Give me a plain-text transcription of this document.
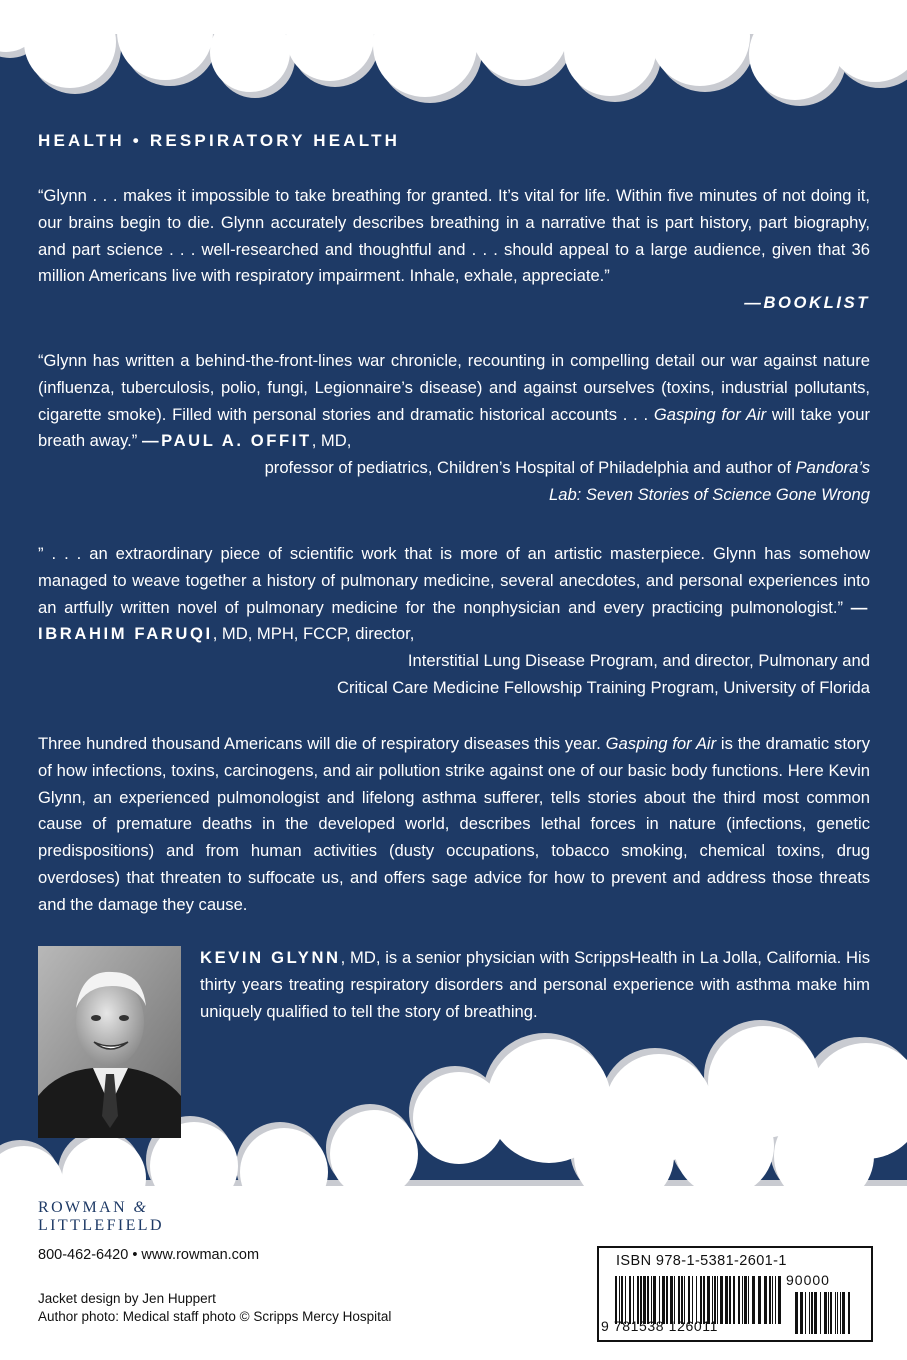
HEALTH • RESPIRATORY HEALTH
“Glynn . . . makes it impossible to take breathing for granted. It’s vital for life. Within five minutes of not doing it, our brains begin to die. Glynn accurately describes breathing in a narrative that is part history, part biography, and part science . . . well-researched and thoughtful and . . . should appeal to a large audience, given that 36 million Americans live with respiratory impairment. Inhale, exhale, appreciate.”
—BOOKLIST
“Glynn has written a behind-the-front-lines war chronicle, recounting in compelling detail our war against nature (influenza, tuberculosis, polio, fungi, Legionnaire’s disease) and against ourselves (toxins, industrial pollutants, cigarette smoke). Filled with personal stories and dramatic historical accounts . . . Gasping for Air will take your breath away.” —PAUL A. OFFIT, MD,
professor of pediatrics, Children’s Hospital of Philadelphia and author of Pandora’s
Lab: Seven Stories of Science Gone Wrong
” . . . an extraordinary piece of scientific work that is more of an artistic masterpiece. Glynn has somehow managed to weave together a history of pulmonary medicine, several anecdotes, and personal experiences into an artfully written novel of pulmonary medicine for the nonphysician and every practicing pulmonologist.” —IBRAHIM FARUQI, MD, MPH, FCCP, director,
Interstitial Lung Disease Program, and director, Pulmonary and
Critical Care Medicine Fellowship Training Program, University of Florida
Three hundred thousand Americans will die of respiratory diseases this year. Gasping for Air is the dramatic story of how infections, toxins, carcinogens, and air pollution strike against one of our basic body functions. Here Kevin Glynn, an experienced pulmonologist and lifelong asthma sufferer, tells stories about the third most common cause of premature deaths in the developed world, describes lethal forces in nature (infections, genetic predispositions) and from human activities (dusty occupations, tobacco smoking, chemical toxins, drug overdoses) that threaten to suffocate us, and offers sage advice for how to prevent and address those threats and the damage they cause.
KEVIN GLYNN, MD, is a senior physician with ScrippsHealth in La Jolla, California. His thirty years treating respiratory disorders and personal experience with asthma make him uniquely qualified to tell the story of breathing.
ROWMAN &
LITTLEFIELD
800-462-6420 • www.rowman.com
Jacket design by Jen Huppert
Author photo: Medical staff photo © Scripps Mercy Hospital
ISBN 978-1-5381-2601-1
90000
9 781538 126011
